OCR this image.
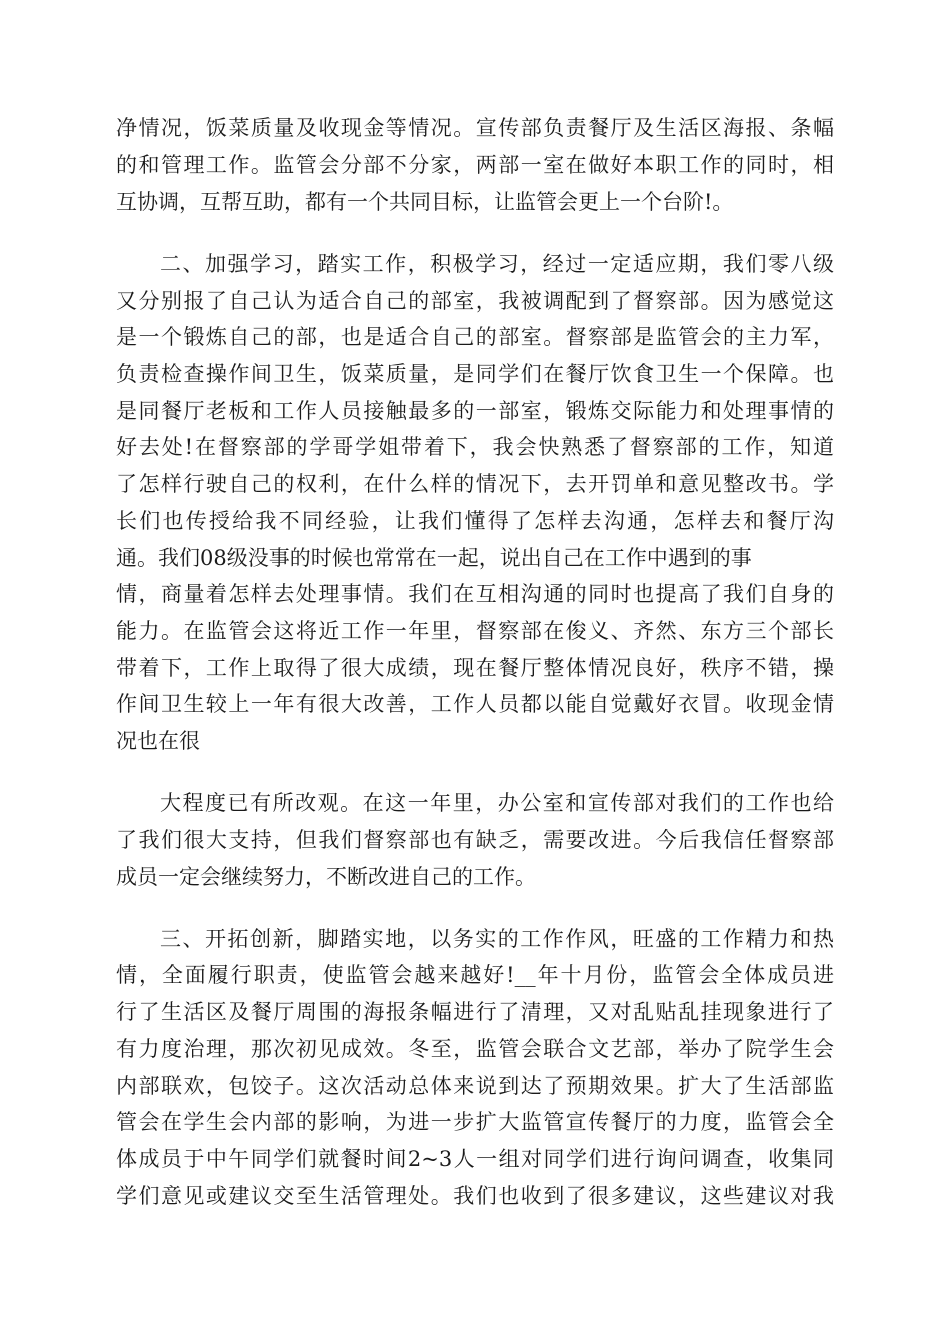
净情况，饭菜质量及收现金等情况。宣传部负责餐厅及生活区海报、条幅

的和管理工作。监管会分部不分家，两部一室在做好本职工作的同时，相

互协调，互帮互助，都有一个共同目标，让监管会更上一个台阶!。

二、加强学习，踏实工作，积极学习，经过一定适应期，我们零八级

又分别报了自己认为适合自己的部室，我被调配到了督察部。因为感觉这

是一个锻炼自己的部，也是适合自己的部室。督察部是监管会的主力军，

负责检查操作间卫生，饭菜质量，是同学们在餐厅饮食卫生一个保障。也

是同餐厅老板和工作人员接触最多的一部室，锻炼交际能力和处理事情的

好去处!在督察部的学哥学姐带着下，我会快熟悉了督察部的工作，知道

了怎样行驶自己的权利，在什么样的情况下，去开罚单和意见整改书。学

长们也传授给我不同经验，让我们懂得了怎样去沟通，怎样去和餐厅沟

通。我们08级没事的时候也常常在一起，说出自己在工作中遇到的事

情，商量着怎样去处理事情。我们在互相沟通的同时也提高了我们自身的

能力。在监管会这将近工作一年里，督察部在俊义、齐然、东方三个部长

带着下，工作上取得了很大成绩，现在餐厅整体情况良好，秩序不错，操

作间卫生较上一年有很大改善，工作人员都以能自觉戴好衣冒。收现金情

况也在很

大程度已有所改观。在这一年里，办公室和宣传部对我们的工作也给

了我们很大支持，但我们督察部也有缺乏，需要改进。今后我信任督察部

成员一定会继续努力，不断改进自己的工作。

三、开拓创新，脚踏实地，以务实的工作作风，旺盛的工作精力和热

情，全面履行职责，使监管会越来越好!__年十月份，监管会全体成员进

行了生活区及餐厅周围的海报条幅进行了清理，又对乱贴乱挂现象进行了

有力度治理，那次初见成效。冬至，监管会联合文艺部，举办了院学生会

内部联欢，包饺子。这次活动总体来说到达了预期效果。扩大了生活部监

管会在学生会内部的影响，为进一步扩大监管宣传餐厅的力度，监管会全

体成员于中午同学们就餐时间2~3人一组对同学们进行询问调查，收集同

学们意见或建议交至生活管理处。我们也收到了很多建议，这些建议对我
